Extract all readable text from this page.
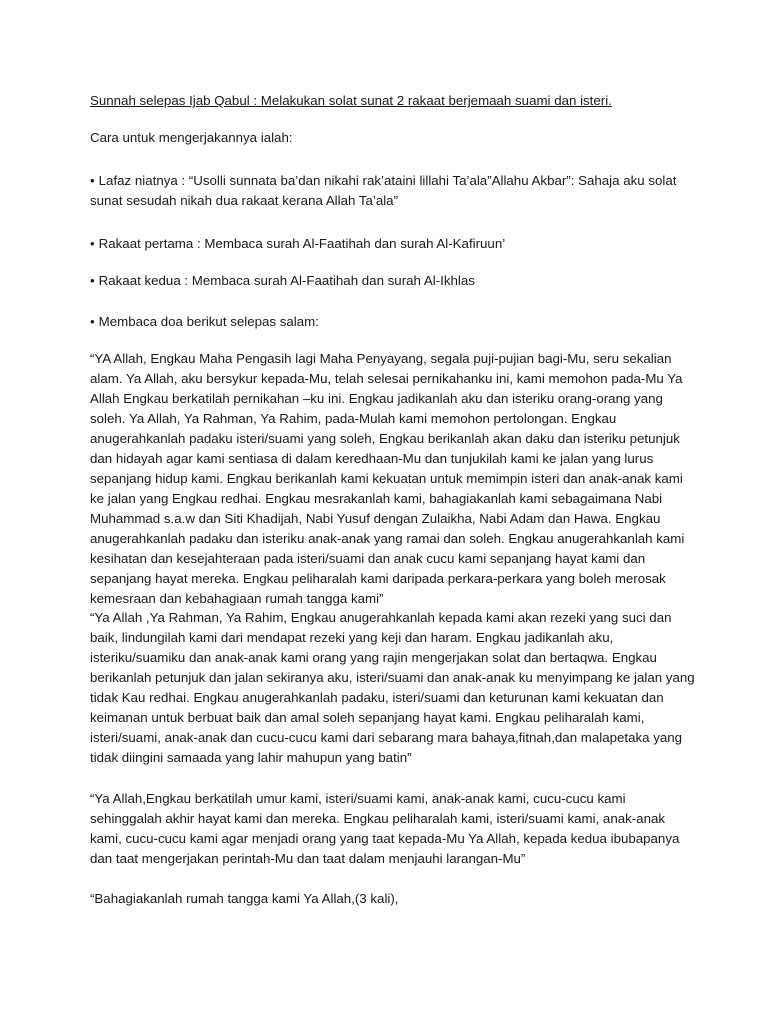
Sunnah selepas Ijab Qabul : Melakukan solat sunat 2 rakaat berjemaah suami dan isteri.

Cara untuk mengerjakannya ialah:

• Lafaz niatnya : “Usolli sunnata ba’dan nikahi rak’ataini lillahi Ta’ala”Allahu Akbar”: Sahaja aku solat sunat sesudah nikah dua rakaat kerana Allah Ta’ala”

• Rakaat pertama : Membaca surah Al-Faatihah dan surah Al-Kafiruun’

• Rakaat kedua : Membaca surah Al-Faatihah dan surah Al-Ikhlas

• Membaca doa berikut selepas salam:

“YA Allah, Engkau Maha Pengasih lagi Maha Penyayang, segala puji-pujian bagi-Mu, seru sekalian alam. Ya Allah, aku bersykur kepada-Mu, telah selesai pernikahanku ini, kami memohon pada-Mu Ya Allah Engkau berkatilah pernikahan –ku ini. Engkau jadikanlah aku dan isteriku orang-orang yang soleh. Ya Allah, Ya Rahman, Ya Rahim, pada-Mulah kami memohon pertolongan. Engkau anugerahkanlah padaku isteri/suami yang soleh, Engkau berikanlah akan daku dan isteriku petunjuk dan hidayah agar kami sentiasa di dalam keredhaan-Mu dan tunjukilah kami ke jalan yang lurus sepanjang hidup kami. Engkau berikanlah kami kekuatan untuk memimpin isteri dan anak-anak kami ke jalan yang Engkau redhai. Engkau mesrakanlah kami, bahagiakanlah kami sebagaimana Nabi Muhammad s.a.w dan Siti Khadijah, Nabi Yusuf dengan Zulaikha, Nabi Adam dan Hawa. Engkau anugerahkanlah padaku dan isteriku anak-anak yang ramai dan soleh. Engkau anugerahkanlah kami kesihatan dan kesejahteraan pada isteri/suami dan anak cucu kami sepanjang hayat kami dan sepanjang hayat mereka. Engkau peliharalah kami daripada perkara-perkara yang boleh merosak kemesraan dan kebahagiaan rumah tangga kami”

“Ya Allah ,Ya Rahman, Ya Rahim, Engkau anugerahkanlah kepada kami akan rezeki yang suci dan baik, lindungilah kami dari mendapat rezeki yang keji dan haram. Engkau jadikanlah aku, isteriku/suamiku dan anak-anak kami orang yang rajin mengerjakan solat dan bertaqwa. Engkau berikanlah petunjuk dan jalan sekiranya aku, isteri/suami dan anak-anak ku menyimpang ke jalan yang tidak Kau redhai. Engkau anugerahkanlah padaku, isteri/suami dan keturunan kami kekuatan dan keimanan untuk berbuat baik dan amal soleh sepanjang hayat kami. Engkau peliharalah kami, isteri/suami, anak-anak dan cucu-cucu kami dari sebarang mara bahaya,fitnah,dan malapetaka yang tidak diingini samaada yang lahir mahupun yang batin”

“Ya Allah,Engkau berkatilah umur kami, isteri/suami kami, anak-anak kami, cucu-cucu kami sehinggalah akhir hayat kami dan mereka. Engkau peliharalah kami, isteri/suami kami, anak-anak kami, cucu-cucu kami agar menjadi orang yang taat kepada-Mu Ya Allah, kepada kedua ibubapanya dan taat mengerjakan perintah-Mu dan taat dalam menjauhi larangan-Mu”

“Bahagiakanlah rumah tangga kami Ya Allah,(3 kali),
